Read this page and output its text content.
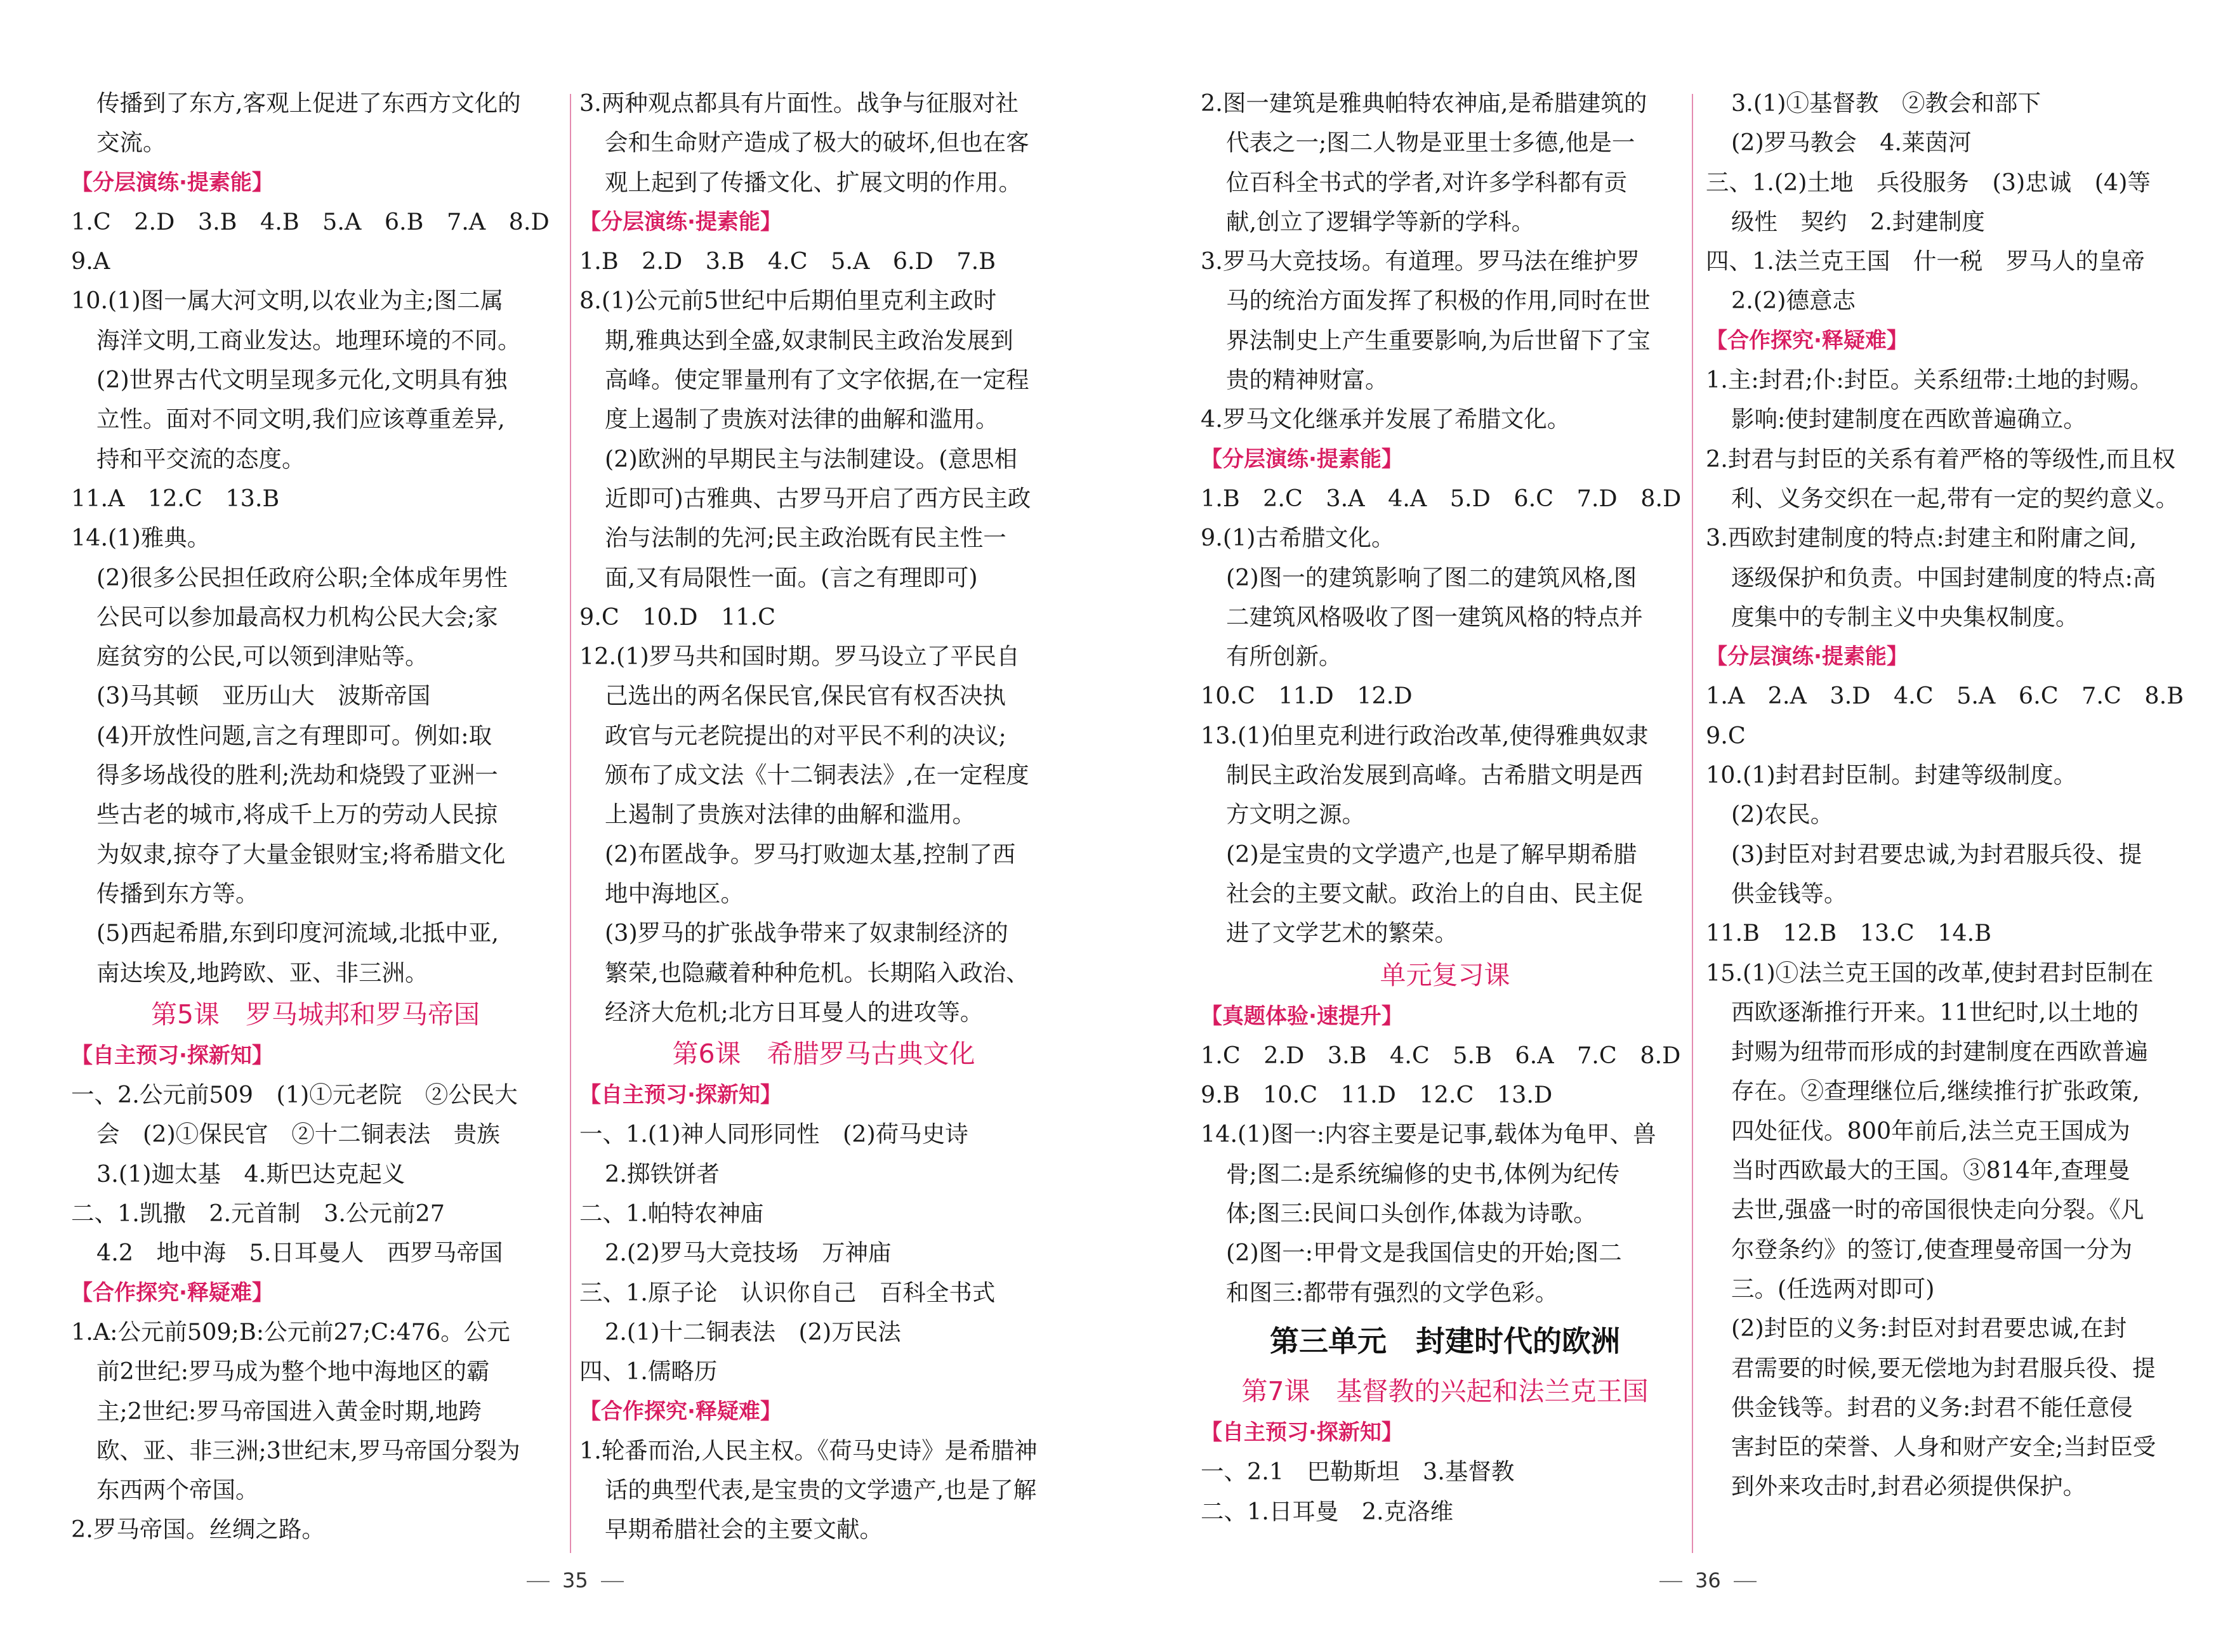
传播到了东方,客观上促进了东西方文化的
交流。
【分层演练·提素能】
1.C　2.D　3.B　4.B　5.A　6.B　7.A　8.D
9.A
10.(1)图一属大河文明,以农业为主;图二属
海洋文明,工商业发达。地理环境的不同。
(2)世界古代文明呈现多元化,文明具有独
立性。面对不同文明,我们应该尊重差异,
持和平交流的态度。
11.A　12.C　13.B
14.(1)雅典。
(2)很多公民担任政府公职;全体成年男性
公民可以参加最高权力机构公民大会;家
庭贫穷的公民,可以领到津贴等。
(3)马其顿　亚历山大　波斯帝国
(4)开放性问题,言之有理即可。例如:取
得多场战役的胜利;洗劫和烧毁了亚洲一
些古老的城市,将成千上万的劳动人民掠
为奴隶,掠夺了大量金银财宝;将希腊文化
传播到东方等。
(5)西起希腊,东到印度河流域,北抵中亚,
南达埃及,地跨欧、亚、非三洲。
第5课　罗马城邦和罗马帝国
【自主预习·探新知】
一、2.公元前509　(1)①元老院　②公民大
会　(2)①保民官　②十二铜表法　贵族
3.(1)迦太基　4.斯巴达克起义
二、1.凯撒　2.元首制　3.公元前27
4.2　地中海　5.日耳曼人　西罗马帝国
【合作探究·释疑难】
1.A:公元前509;B:公元前27;C:476。公元
前2世纪:罗马成为整个地中海地区的霸
主;2世纪:罗马帝国进入黄金时期,地跨
欧、亚、非三洲;3世纪末,罗马帝国分裂为
东西两个帝国。
2.罗马帝国。丝绸之路。
3.两种观点都具有片面性。战争与征服对社
会和生命财产造成了极大的破坏,但也在客
观上起到了传播文化、扩展文明的作用。
【分层演练·提素能】
1.B　2.D　3.B　4.C　5.A　6.D　7.B
8.(1)公元前5世纪中后期伯里克利主政时
期,雅典达到全盛,奴隶制民主政治发展到
高峰。使定罪量刑有了文字依据,在一定程
度上遏制了贵族对法律的曲解和滥用。
(2)欧洲的早期民主与法制建设。(意思相
近即可)古雅典、古罗马开启了西方民主政
治与法制的先河;民主政治既有民主性一
面,又有局限性一面。(言之有理即可)
9.C　10.D　11.C
12.(1)罗马共和国时期。罗马设立了平民自
己选出的两名保民官,保民官有权否决执
政官与元老院提出的对平民不利的决议;
颁布了成文法《十二铜表法》,在一定程度
上遏制了贵族对法律的曲解和滥用。
(2)布匿战争。罗马打败迦太基,控制了西
地中海地区。
(3)罗马的扩张战争带来了奴隶制经济的
繁荣,也隐藏着种种危机。长期陷入政治、
经济大危机;北方日耳曼人的进攻等。
第6课　希腊罗马古典文化
【自主预习·探新知】
一、1.(1)神人同形同性　(2)荷马史诗
2.掷铁饼者
二、1.帕特农神庙
2.(2)罗马大竞技场　万神庙
三、1.原子论　认识你自己　百科全书式
2.(1)十二铜表法　(2)万民法
四、1.儒略历
【合作探究·释疑难】
1.轮番而治,人民主权。《荷马史诗》是希腊神
话的典型代表,是宝贵的文学遗产,也是了解
早期希腊社会的主要文献。
2.图一建筑是雅典帕特农神庙,是希腊建筑的
代表之一;图二人物是亚里士多德,他是一
位百科全书式的学者,对许多学科都有贡
献,创立了逻辑学等新的学科。
3.罗马大竞技场。有道理。罗马法在维护罗
马的统治方面发挥了积极的作用,同时在世
界法制史上产生重要影响,为后世留下了宝
贵的精神财富。
4.罗马文化继承并发展了希腊文化。
【分层演练·提素能】
1.B　2.C　3.A　4.A　5.D　6.C　7.D　8.D
9.(1)古希腊文化。
(2)图一的建筑影响了图二的建筑风格,图
二建筑风格吸收了图一建筑风格的特点并
有所创新。
10.C　11.D　12.D
13.(1)伯里克利进行政治改革,使得雅典奴隶
制民主政治发展到高峰。古希腊文明是西
方文明之源。
(2)是宝贵的文学遗产,也是了解早期希腊
社会的主要文献。政治上的自由、民主促
进了文学艺术的繁荣。
单元复习课
【真题体验·速提升】
1.C　2.D　3.B　4.C　5.B　6.A　7.C　8.D
9.B　10.C　11.D　12.C　13.D
14.(1)图一:内容主要是记事,载体为龟甲、兽
骨;图二:是系统编修的史书,体例为纪传
体;图三:民间口头创作,体裁为诗歌。
(2)图一:甲骨文是我国信史的开始;图二
和图三:都带有强烈的文学色彩。
第三单元　封建时代的欧洲
第7课　基督教的兴起和法兰克王国
【自主预习·探新知】
一、2.1　巴勒斯坦　3.基督教
二、1.日耳曼　2.克洛维
3.(1)①基督教　②教会和部下
(2)罗马教会　4.莱茵河
三、1.(2)土地　兵役服务　(3)忠诚　(4)等
级性　契约　2.封建制度
四、1.法兰克王国　什一税　罗马人的皇帝
2.(2)德意志
【合作探究·释疑难】
1.主:封君;仆:封臣。关系纽带:土地的封赐。
影响:使封建制度在西欧普遍确立。
2.封君与封臣的关系有着严格的等级性,而且权
利、义务交织在一起,带有一定的契约意义。
3.西欧封建制度的特点:封建主和附庸之间,
逐级保护和负责。中国封建制度的特点:高
度集中的专制主义中央集权制度。
【分层演练·提素能】
1.A　2.A　3.D　4.C　5.A　6.C　7.C　8.B
9.C
10.(1)封君封臣制。封建等级制度。
(2)农民。
(3)封臣对封君要忠诚,为封君服兵役、提
供金钱等。
11.B　12.B　13.C　14.B
15.(1)①法兰克王国的改革,使封君封臣制在
西欧逐渐推行开来。11世纪时,以土地的
封赐为纽带而形成的封建制度在西欧普遍
存在。②查理继位后,继续推行扩张政策,
四处征伐。800年前后,法兰克王国成为
当时西欧最大的王国。③814年,查理曼
去世,强盛一时的帝国很快走向分裂。《凡
尔登条约》的签订,使查理曼帝国一分为
三。(任选两对即可)
(2)封臣的义务:封臣对封君要忠诚,在封
君需要的时候,要无偿地为封君服兵役、提
供金钱等。封君的义务:封君不能任意侵
害封臣的荣誉、人身和财产安全;当封臣受
到外来攻击时,封君必须提供保护。
35	36
